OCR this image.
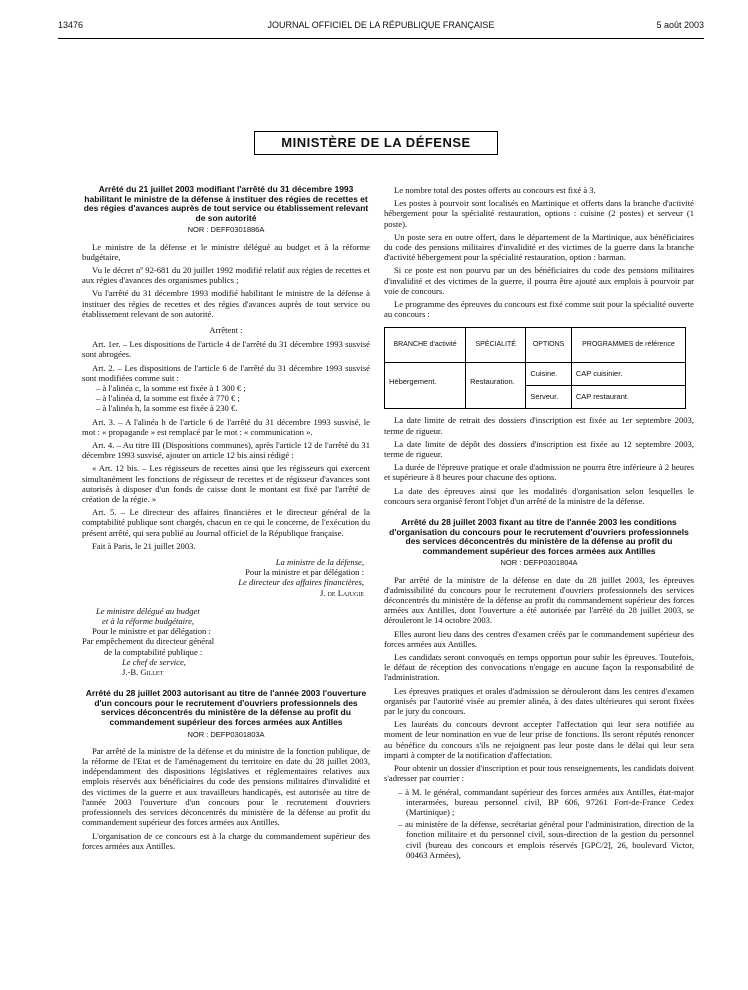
13476	JOURNAL OFFICIEL DE LA RÉPUBLIQUE FRANÇAISE	5 août 2003
MINISTÈRE DE LA DÉFENSE

Arrêté du 21 juillet 2003 modifiant l'arrêté du 31 décembre 1993 habilitant le ministre de la défense à instituer des régies de recettes et des régies d'avances auprès de tout service ou établissement relevant de son autorité

NOR : DEFF0301886A

Le ministre de la défense et le ministre délégué au budget et à la réforme budgétaire,

Vu le décret nº 92-681 du 20 juillet 1992 modifié relatif aux régies de recettes et aux régies d'avances des organismes publics ;

Vu l'arrêté du 31 décembre 1993 modifié habilitant le ministre de la défense à instituer des régies de recettes et des régies d'avances auprès de tout service ou établissement relevant de son autorité.

Arrêtent :

Art. 1er. – Les dispositions de l'article 4 de l'arrêté du 31 décembre 1993 susvisé sont abrogées.

Art. 2. – Les dispositions de l'article 6 de l'arrêté du 31 décembre 1993 susvisé sont modifiées comme suit :

– à l'alinéa c, la somme est fixée à 1 300 € ;

– à l'alinéa d, la somme est fixée à 770 € ;

– à l'alinéa h, la somme est fixée à 230 €.

Art. 3. – A l'alinéa h de l'article 6 de l'arrêté du 31 décembre 1993 susvisé, le mot : « propagande » est remplacé par le mot : « communication ».

Art. 4. – Au titre III (Dispositions communes), après l'article 12 de l'arrêté du 31 décembre 1993 susvisé, ajouter un article 12 bis ainsi rédigé :

« Art. 12 bis. – Les régisseurs de recettes ainsi que les régisseurs qui exercent simultanément les fonctions de régisseur de recettes et de régisseur d'avances sont autorisés à disposer d'un fonds de caisse dont le montant est fixé par l'arrêté de création de la régie. »

Art. 5. – Le directeur des affaires financières et le directeur général de la comptabilité publique sont chargés, chacun en ce qui le concerne, de l'exécution du présent arrêté, qui sera publié au Journal officiel de la République française.

Fait à Paris, le 21 juillet 2003.

La ministre de la défense,

Pour la ministre et par délégation :

Le directeur des affaires financières,

J. de Lajugie

Le ministre délégué au budget

et à la réforme budgétaire,

Pour le ministre et par délégation :

Par empêchement du directeur général

de la comptabilité publique :

Le chef de service,

J.-B. Gillet

Arrêté du 28 juillet 2003 autorisant au titre de l'année 2003 l'ouverture d'un concours pour le recrutement d'ouvriers professionnels des services déconcentrés du ministère de la défense au profit du commandement supérieur des forces armées aux Antilles

NOR : DEFP0301803A

Par arrêté de la ministre de la défense et du ministre de la fonction publique, de la réforme de l'Etat et de l'aménagement du territoire en date du 28 juillet 2003, indépendamment des dispositions législatives et réglementaires relatives aux emplois réservés aux bénéficiaires du code des pensions militaires d'invalidité et des victimes de la guerre et aux travailleurs handicapés, est autorisée au titre de l'année 2003 l'ouverture d'un concours pour le recrutement d'ouvriers professionnels des services déconcentrés du ministère de la défense au profit du commandement supérieur des forces armées aux Antilles.

L'organisation de ce concours est à la charge du commandement supérieur des forces armées aux Antilles.

Le nombre total des postes offerts au concours est fixé à 3.

Les postes à pourvoir sont localisés en Martinique et offerts dans la branche d'activité hébergement pour la spécialité restauration, options : cuisine (2 postes) et serveur (1 poste).

Un poste sera en outre offert, dans le département de la Martinique, aux bénéficiaires du code des pensions militaires d'invalidité et des victimes de la guerre dans la branche d'activité hébergement pour la spécialité restauration, option : barman.

Si ce poste est non pourvu par un des bénéficiaires du code des pensions militaires d'invalidité et des victimes de la guerre, il pourra être ajouté aux emplois à pourvoir par voie de concours.

Le programme des épreuves du concours est fixé comme suit pour la spécialité ouverte au concours :

BRANCHE d'activité	SPÉCIALITÉ	OPTIONS	PROGRAMMES de référence
Hébergement.	Restauration.	Cuisine.	CAP cuisinier.
		Serveur.	CAP restaurant.

La date limite de retrait des dossiers d'inscription est fixée au 1er septembre 2003, terme de rigueur.

La date limite de dépôt des dossiers d'inscription est fixée au 12 septembre 2003, terme de rigueur.

La durée de l'épreuve pratique et orale d'admission ne pourra être inférieure à 2 heures et supérieure à 8 heures pour chacune des options.

La date des épreuves ainsi que les modalités d'organisation selon lesquelles le concours sera organisé feront l'objet d'un arrêté de la ministre de la défense.

Arrêté du 28 juillet 2003 fixant au titre de l'année 2003 les conditions d'organisation du concours pour le recrutement d'ouvriers professionnels des services déconcentrés du ministère de la défense au profit du commandement supérieur des forces armées aux Antilles

NOR : DEFP0301804A

Par arrêté de la ministre de la défense en date du 28 juillet 2003, les épreuves d'admissibilité du concours pour le recrutement d'ouvriers professionnels des services déconcentrés du ministère de la défense au profit du commandement supérieur des forces armées aux Antilles, dont l'ouverture a été autorisée par l'arrêté du 28 juillet 2003, se dérouleront le 14 octobre 2003.

Elles auront lieu dans des centres d'examen créés par le commandement supérieur des forces armées aux Antilles.

Les candidats seront convoqués en temps opportun pour subir les épreuves. Toutefois, le défaut de réception des convocations n'engage en aucune façon la responsabilité de l'administration.

Les épreuves pratiques et orales d'admission se dérouleront dans les centres d'examen organisés par l'autorité visée au premier alinéa, à des dates ultérieures qui seront fixées par le jury du concours.

Les lauréats du concours devront accepter l'affectation qui leur sera notifiée au moment de leur nomination en vue de leur prise de fonctions. Ils seront réputés renoncer au bénéfice du concours s'ils ne rejoignent pas leur poste dans le délai qui leur sera imparti à compter de la notification d'affectation.

Pour obtenir un dossier d'inscription et pour tous renseignements, les candidats doivent s'adresser par courrier :

– à M. le général, commandant supérieur des forces armées aux Antilles, état-major interarmées, bureau personnel civil, BP 606, 97261 Fort-de-France Cedex (Martinique) ;

– au ministère de la défense, secrétariat général pour l'administration, direction de la fonction militaire et du personnel civil, sous-direction de la gestion du personnel civil (bureau des concours et emplois réservés [GPC/2], 26, boulevard Victor, 00463 Armées),
